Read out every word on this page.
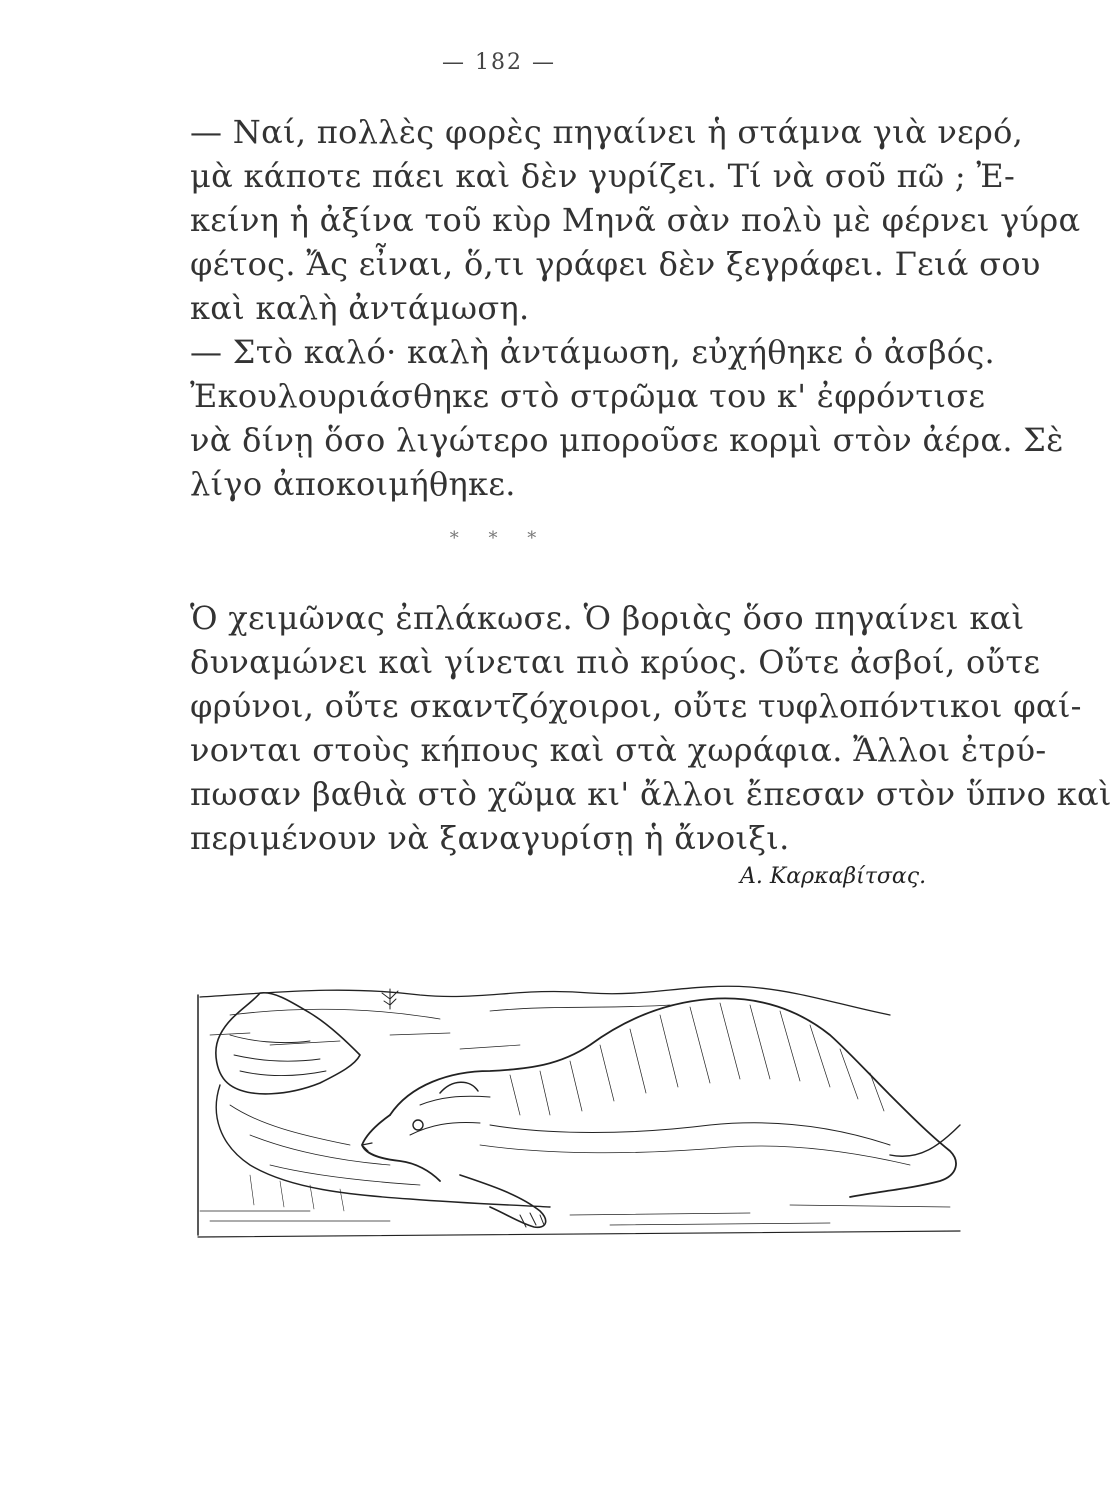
— 182 —
— Ναί, πολλὲς φορὲς πηγαίνει ἡ στάμνα γιὰ νερό,
μὰ κάποτε πάει καὶ δὲν γυρίζει. Τί νὰ σοῦ πῶ ; Ἐ-
κείνη ἡ ἀξίνα τοῦ κὺρ Μηνᾶ σὰν πολὺ μὲ φέρνει γύρα
φέτος. Ἄς εἶναι, ὅ,τι γράφει δὲν ξεγράφει. Γειά σου
καὶ καλὴ ἀντάμωση.
— Στὸ καλό· καλὴ ἀντάμωση, εὐχήθηκε ὁ ἀσβός.
Ἐκουλουριάσθηκε στὸ στρῶμα του κ' ἐφρόντισε
νὰ δίνῃ ὅσο λιγώτερο μποροῦσε κορμὶ στὸν ἀέρα. Σὲ
λίγο ἀποκοιμήθηκε.
* * *
Ὁ χειμῶνας ἐπλάκωσε. Ὁ βοριὰς ὅσο πηγαίνει καὶ
δυναμώνει καὶ γίνεται πιὸ κρύος. Οὔτε ἀσβοί, οὔτε
φρύνοι, οὔτε σκαντζόχοιροι, οὔτε τυφλοπόντικοι φαί-
νονται στοὺς κήπους καὶ στὰ χωράφια. Ἄλλοι ἐτρύ-
πωσαν βαθιὰ στὸ χῶμα κι' ἄλλοι ἔπεσαν στὸν ὕπνο καὶ
περιμένουν νὰ ξαναγυρίσῃ ἡ ἄνοιξι.
Α. Καρκαβίτσας.
